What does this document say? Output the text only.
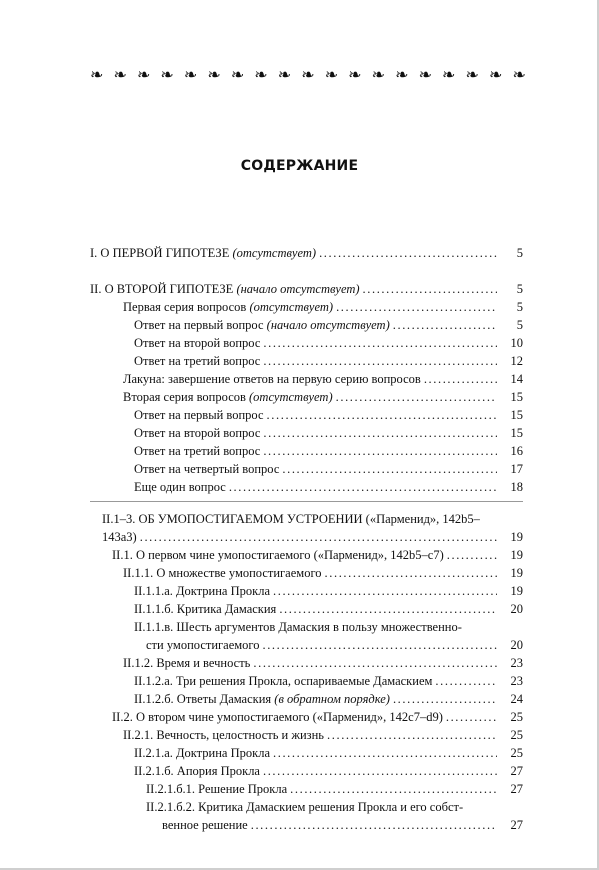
❧ ❧ ❧ ❧ ❧ ❧ ❧ ❧ ❧ ❧ ❧ ❧ ❧ ❧ ❧ ❧ ❧ ❧ ❧
СОДЕРЖАНИЕ
I. О ПЕРВОЙ ГИПОТЕЗЕ (отсутствует) .....	5
II. О ВТОРОЙ ГИПОТЕЗЕ (начало отсутствует) .....	5
Первая серия вопросов (отсутствует) .....	5
Ответ на первый вопрос (начало отсутствует) .....	5
Ответ на второй вопрос .....	10
Ответ на третий вопрос .....	12
Лакуна: завершение ответов на первую серию вопросов .....	14
Вторая серия вопросов (отсутствует) .....	15
Ответ на первый вопрос .....	15
Ответ на второй вопрос .....	15
Ответ на третий вопрос .....	16
Ответ на четвертый вопрос .....	17
Еще один вопрос .....	18
II.1–3. ОБ УМОПОСТИГАЕМОМ УСТРОЕНИИ («Парменид», 142b5–
143a3) .....	19
II.1. О первом чине умопостигаемого («Парменид», 142b5–c7) .....	19
II.1.1. О множестве умопостигаемого .....	19
II.1.1.а. Доктрина Прокла .....	19
II.1.1.б. Критика Дамаския .....	20
II.1.1.в. Шесть аргументов Дамаския в пользу множественно-
сти умопостигаемого .....	20
II.1.2. Время и вечность .....	23
II.1.2.а. Три решения Прокла, оспариваемые Дамаскием .....	23
II.1.2.б. Ответы Дамаския (в обратном порядке) .....	24
II.2. О втором чине умопостигаемого («Парменид», 142c7–d9) .....	25
II.2.1. Вечность, целостность и жизнь .....	25
II.2.1.а. Доктрина Прокла .....	25
II.2.1.б. Апория Прокла .....	27
II.2.1.б.1. Решение Прокла .....	27
II.2.1.б.2. Критика Дамаскием решения Прокла и его собст-
венное решение .....	27
